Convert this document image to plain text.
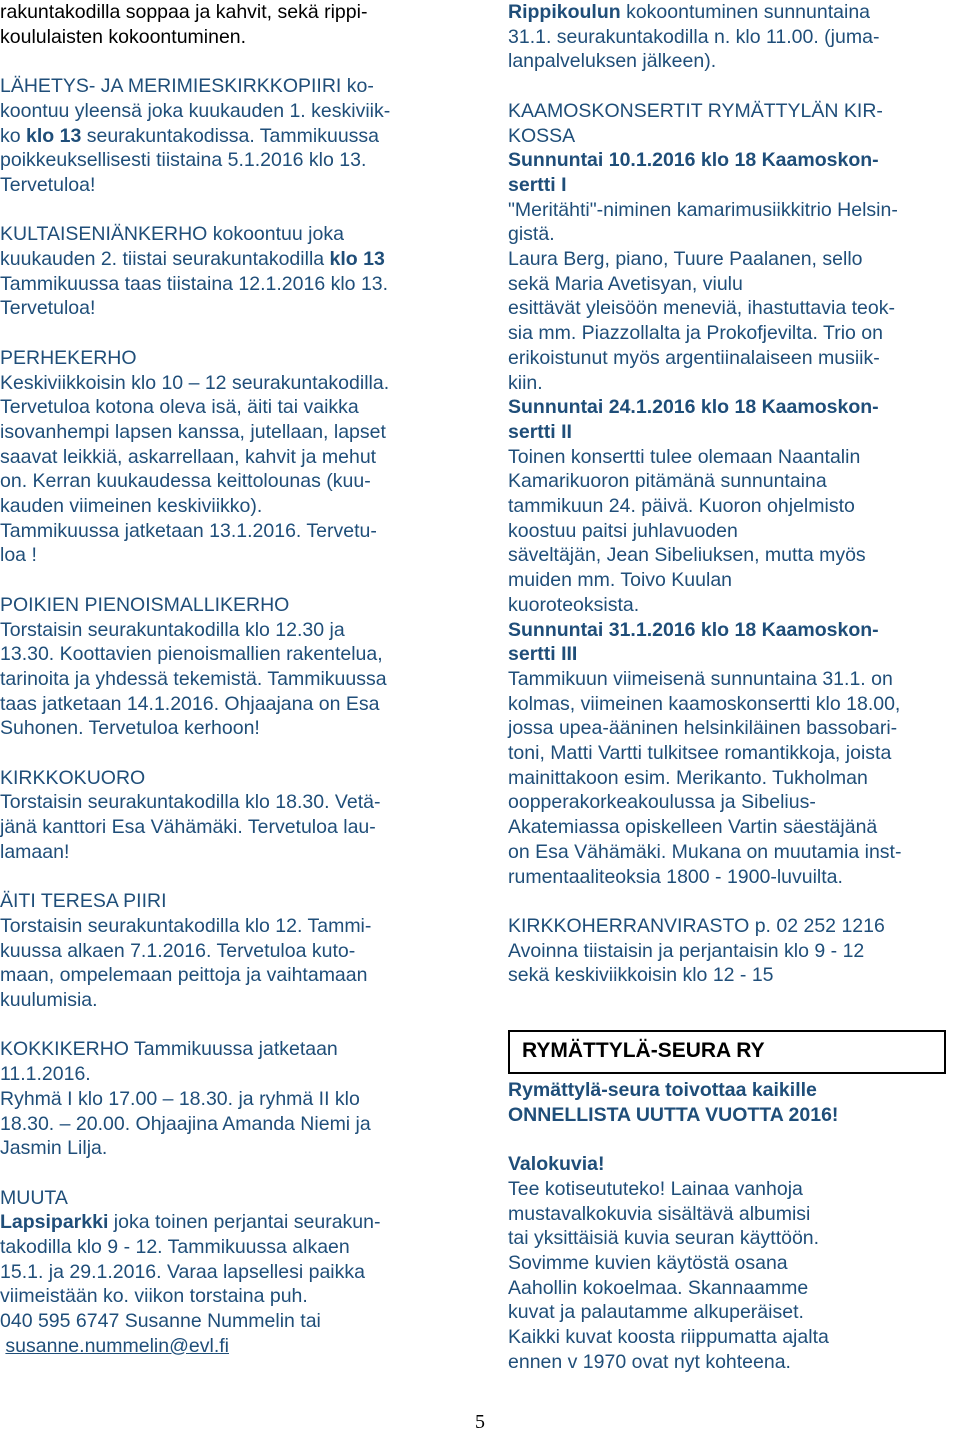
rakuntakodilla soppaa ja kahvit, sekä rippi-

koululaisten kokoontuminen.

LÄHETYS- JA MERIMIESKIRKKOPIIRI ko-

koontuu yleensä joka kuukauden 1. keskiviik-

ko klo 13 seurakuntakodissa. Tammikuussa

poikkeuksellisesti tiistaina 5.1.2016 klo 13.

Tervetuloa!

KULTAISENIÄNKERHO kokoontuu joka

kuukauden 2. tiistai seurakuntakodilla klo 13

Tammikuussa taas tiistaina 12.1.2016 klo 13.

Tervetuloa!

PERHEKERHO

Keskiviikkoisin klo 10 – 12 seurakuntakodilla.

Tervetuloa kotona oleva isä, äiti tai vaikka

isovanhempi lapsen kanssa, jutellaan, lapset

saavat leikkiä, askarrellaan, kahvit ja mehut

on. Kerran kuukaudessa keittolounas (kuu-

kauden viimeinen keskiviikko).

Tammikuussa jatketaan 13.1.2016. Tervetu-

loa !

POIKIEN PIENOISMALLIKERHO

Torstaisin seurakuntakodilla klo 12.30 ja

13.30. Koottavien pienoismallien rakentelua,

tarinoita ja yhdessä tekemistä. Tammikuussa

taas jatketaan 14.1.2016. Ohjaajana on Esa

Suhonen. Tervetuloa kerhoon!

KIRKKOKUORO

Torstaisin seurakuntakodilla klo 18.30. Vetä-

jänä kanttori Esa Vähämäki. Tervetuloa lau-

lamaan!

ÄITI TERESA PIIRI

Torstaisin seurakuntakodilla klo 12. Tammi-

kuussa alkaen 7.1.2016. Tervetuloa kuto-

maan, ompelemaan peittoja ja vaihtamaan

kuulumisia.

KOKKIKERHO Tammikuussa jatketaan

11.1.2016.

Ryhmä I klo 17.00 – 18.30. ja ryhmä II klo

18.30. – 20.00. Ohjaajina Amanda Niemi ja

Jasmin Lilja.

MUUTA

Lapsiparkki joka toinen perjantai seurakun-

takodilla klo 9 - 12. Tammikuussa alkaen

15.1. ja 29.1.2016. Varaa lapsellesi paikka

viimeistään ko. viikon torstaina puh.

040 595 6747 Susanne Nummelin tai

susanne.nummelin@evl.fi

Rippikoulun kokoontuminen sunnuntaina

31.1. seurakuntakodilla n. klo 11.00. (juma-

lanpalveluksen jälkeen).

KAAMOSKONSERTIT RYMÄTTYLÄN KIR-

KOSSA

Sunnuntai 10.1.2016 klo 18 Kaamoskon-

sertti I

"Meritähti"-niminen kamarimusiikkitrio Helsin-

gistä.

Laura Berg, piano, Tuure Paalanen, sello

sekä Maria Avetisyan, viulu

esittävät yleisöön meneviä, ihastuttavia teok-

sia mm. Piazzollalta ja Prokofjevilta. Trio on

erikoistunut myös argentiinalaiseen musiik-

kiin.

Sunnuntai 24.1.2016 klo 18 Kaamoskon-

sertti II

Toinen konsertti tulee olemaan Naantalin

Kamarikuoron pitämänä sunnuntaina

tammikuun 24. päivä. Kuoron ohjelmisto

koostuu paitsi juhlavuoden

säveltäjän, Jean Sibeliuksen, mutta myös

muiden mm. Toivo Kuulan

kuoroteoksista.

Sunnuntai 31.1.2016 klo 18 Kaamoskon-

sertti III

Tammikuun viimeisenä sunnuntaina 31.1. on

kolmas, viimeinen kaamoskonsertti klo 18.00,

jossa upea-ääninen helsinkiläinen bassobari-

toni, Matti Vartti tulkitsee romantikkoja, joista

mainittakoon esim. Merikanto. Tukholman

oopperakorkeakoulussa ja Sibelius-

Akatemiassa opiskelleen Vartin säestäjänä

on Esa Vähämäki. Mukana on muutamia inst-

rumentaaliteoksia 1800 - 1900-luvuilta.

KIRKKOHERRANVIRASTO p. 02 252 1216

Avoinna tiistaisin ja perjantaisin klo 9 - 12

sekä keskiviikkoisin klo 12 - 15

RYMÄTTYLÄ-SEURA RY

Rymättylä-seura toivottaa kaikille

ONNELLISTA UUTTA VUOTTA 2016!

Valokuvia!

Tee kotiseututeko! Lainaa vanhoja

mustavalkokuvia sisältävä albumisi

tai yksittäisiä kuvia seuran käyttöön.

Sovimme kuvien käytöstä osana

Aahollin kokoelmaa. Skannaamme

kuvat ja palautamme alkuperäiset.

Kaikki kuvat koosta riippumatta ajalta

ennen v 1970 ovat nyt kohteena.

5
